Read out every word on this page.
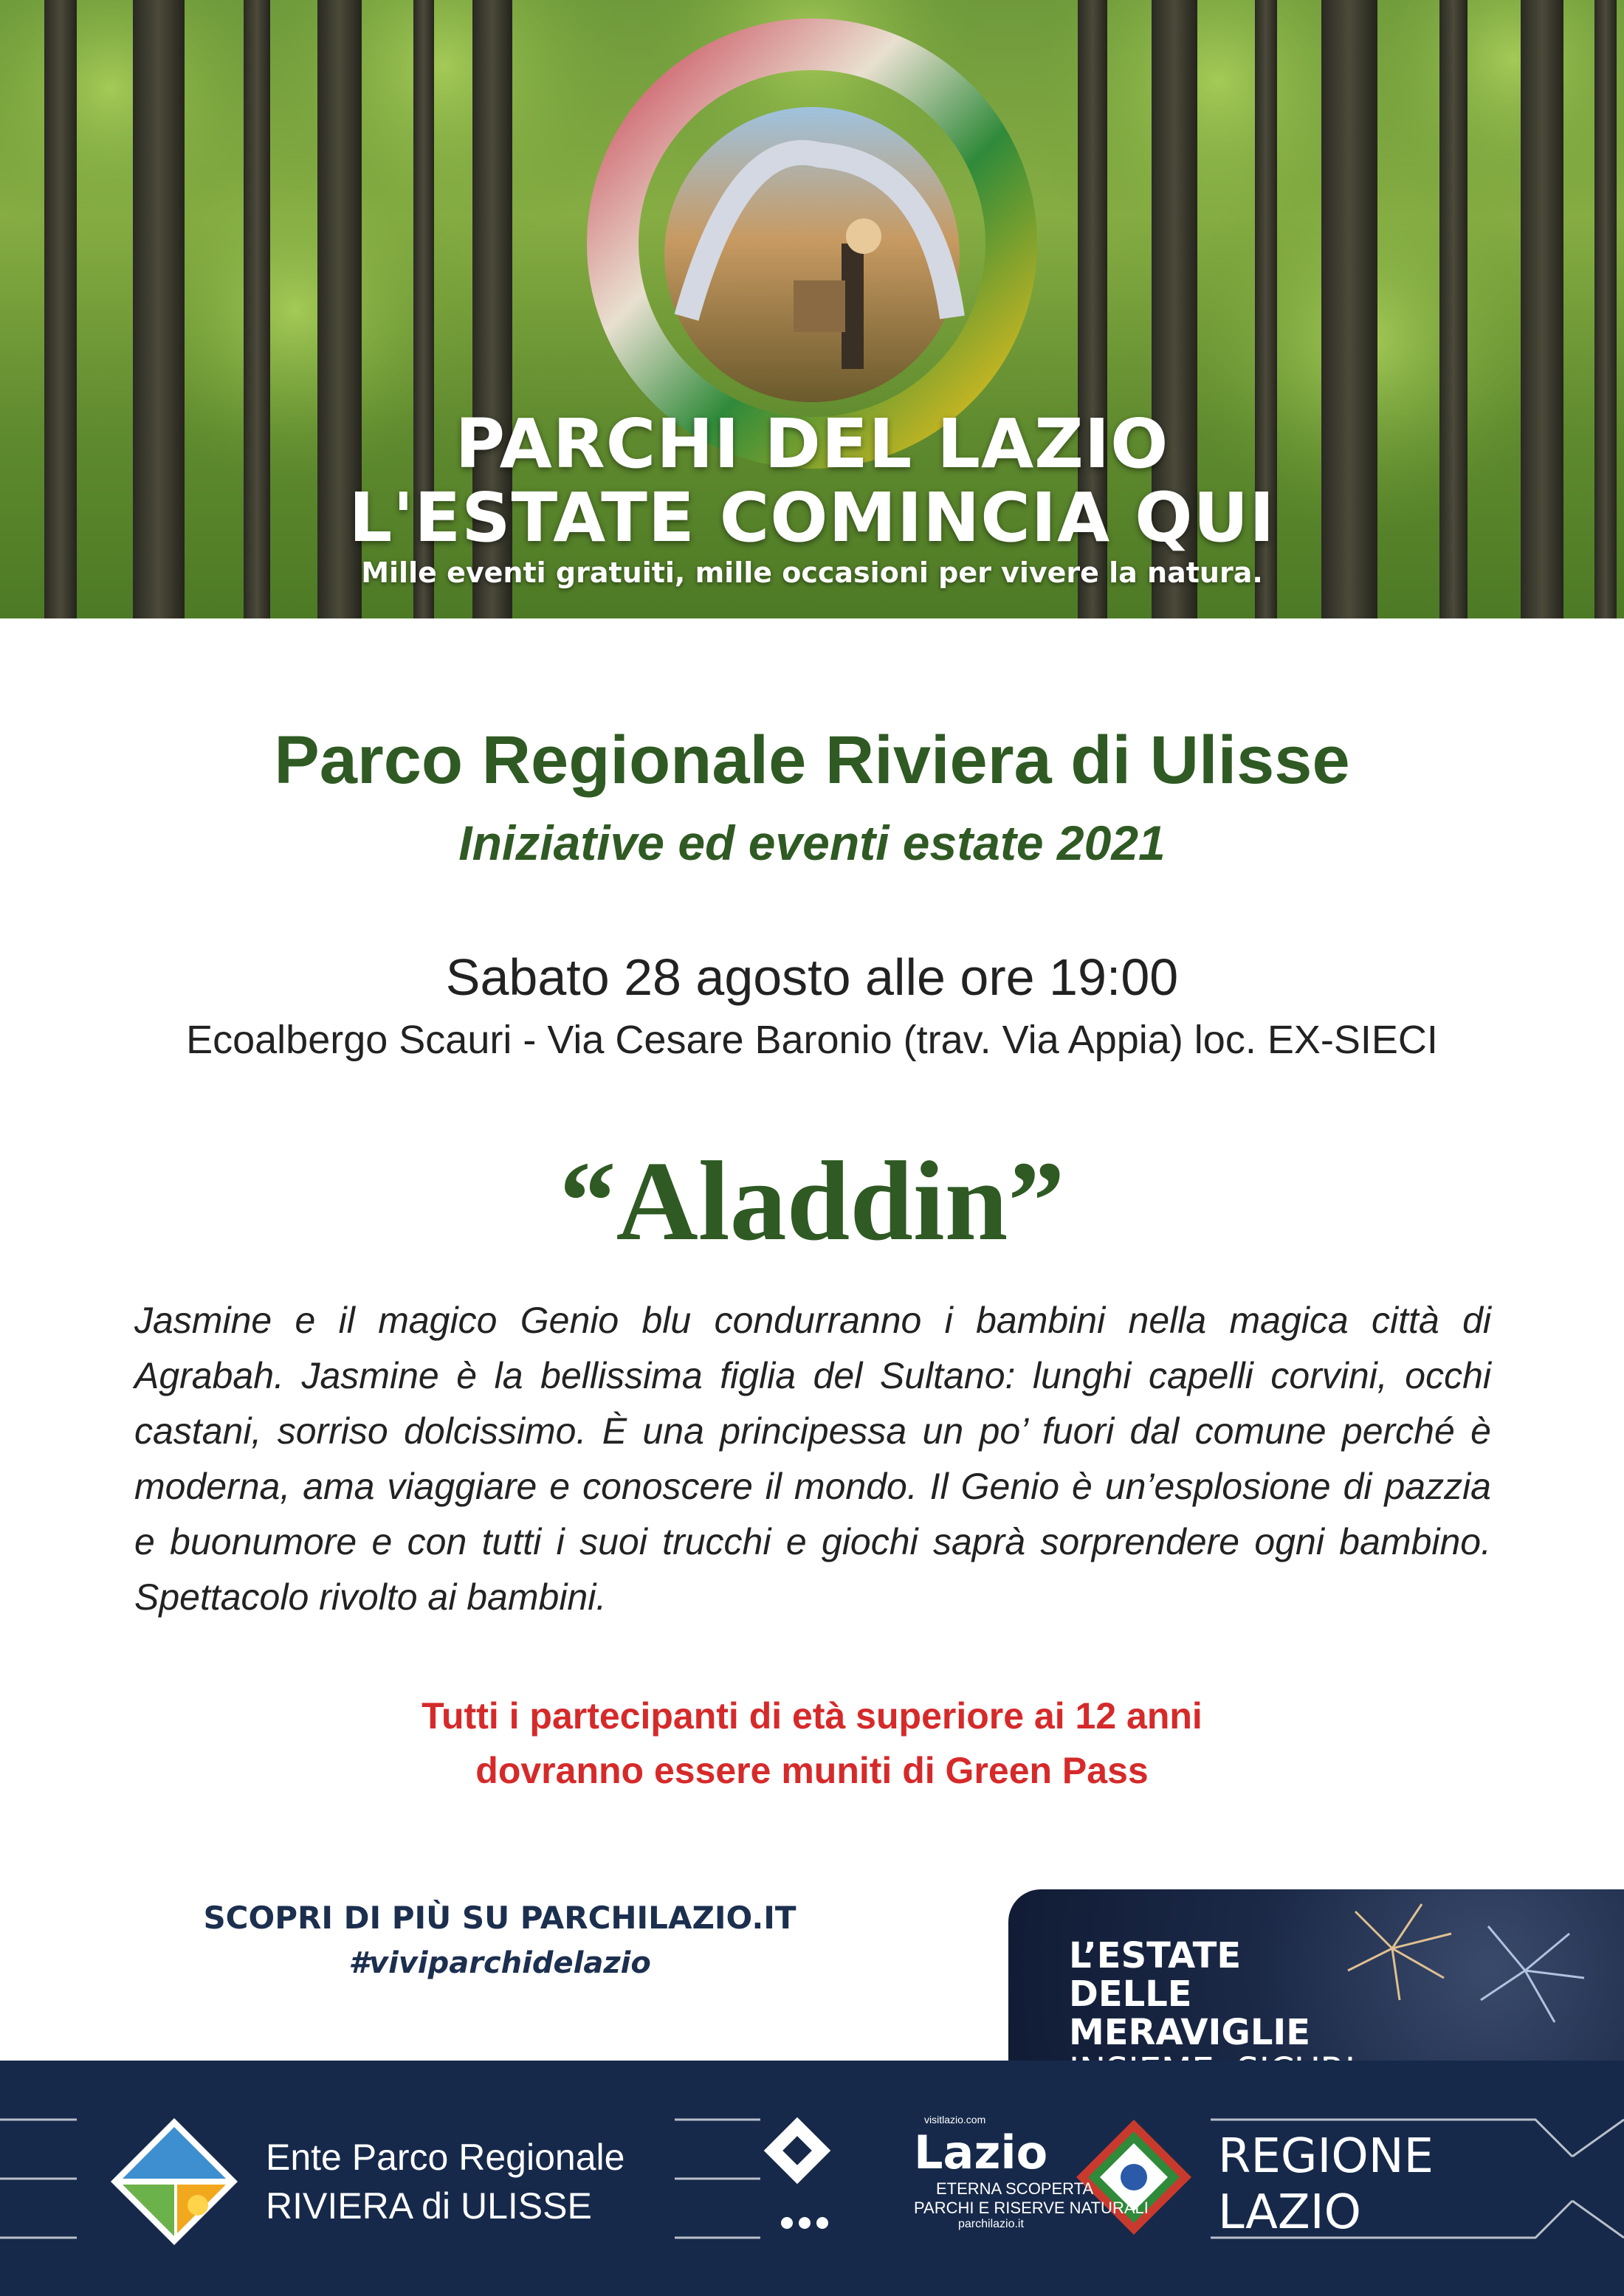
PARCHI DEL LAZIO
L'ESTATE COMINCIA QUI
Mille eventi gratuiti, mille occasioni per vivere la natura.
Parco Regionale Riviera di Ulisse
Iniziative ed eventi estate 2021
Sabato 28 agosto alle ore 19:00
Ecoalbergo Scauri - Via Cesare Baronio (trav. Via Appia) loc. EX-SIECI
“Aladdin”

Jasmine e il magico Genio blu condurranno i bambini nella magica città di Agrabah. Jasmine è la bellissima figlia del Sultano: lunghi capelli corvini, occhi castani, sorriso dolcissimo. È una principessa un po’ fuori dal comune perché è moderna, ama viaggiare e conoscere il mondo. Il Genio è un’esplosione di pazzia e buonumore e con tutti i suoi trucchi e giochi saprà sorprendere ogni bambino. Spettacolo rivolto ai bambini.

Tutti i partecipanti di età superiore ai 12 anni
dovranno essere muniti di Green Pass
SCOPRI DI PIÙ SU PARCHILAZIO.IT
#viviparchidelazio	L’ESTATE
DELLE
MERAVIGLIE
Ente Parco Regionale
RIVIERA di ULISSE
visitlazio.com
Lazio
ETERNA SCOPERTA
PARCHI E RISERVE NATURALI
parchilazio.it
REGIONE
LAZIO
